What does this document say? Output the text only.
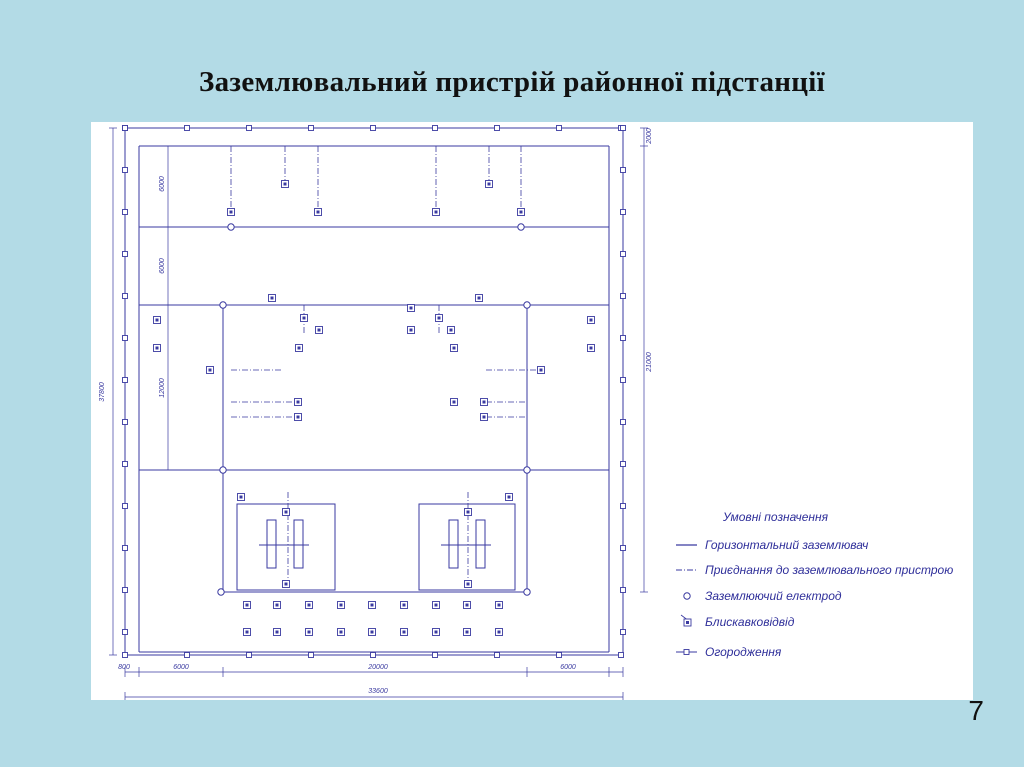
Заземлювальний пристрій районної підстанції
800	6000	20000	6000
33600
37800
6000
6000
12000
2000
21000
Умовні позначення
Горизонтальний заземлювач
Приєднання до заземлювального пристрою
Заземлюючий електрод
Блискавковідвід
Огородження
7
